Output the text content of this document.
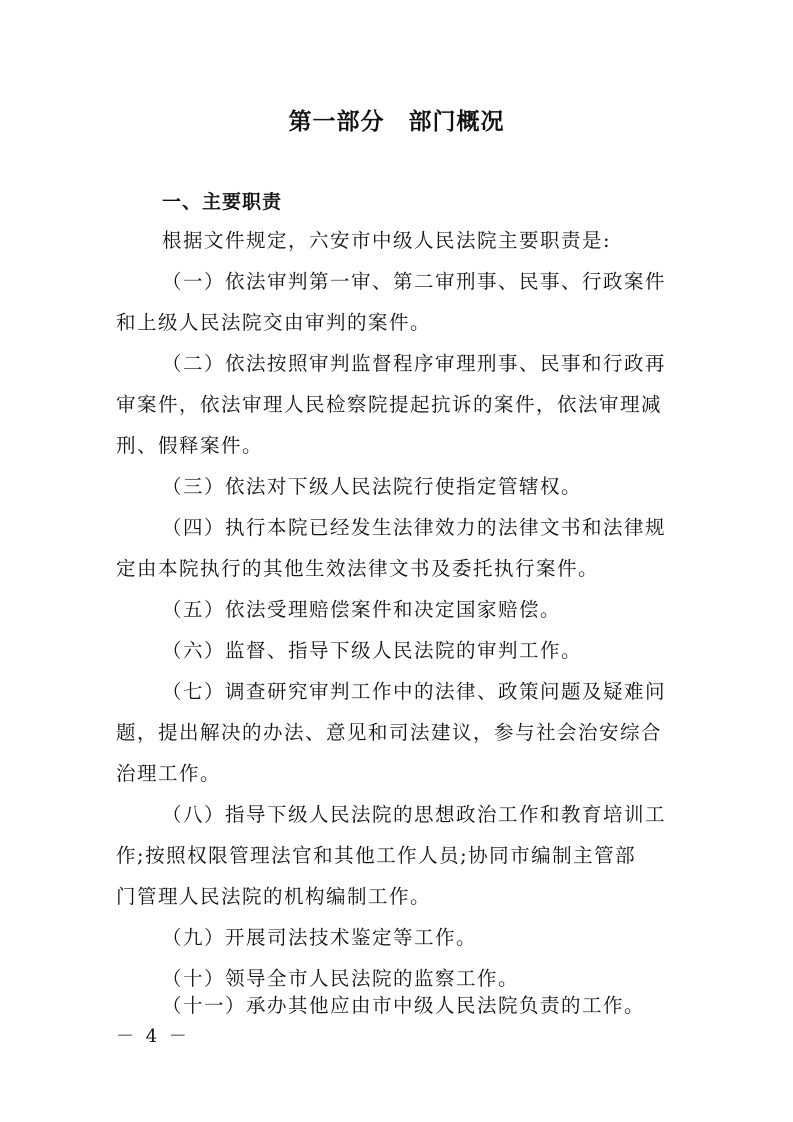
第一部分　部门概况
一、主要职责
根据文件规定，六安市中级人民法院主要职责是:
（一）依法审判第一审、第二审刑事、民事、行政案件
和上级人民法院交由审判的案件。
（二）依法按照审判监督程序审理刑事、民事和行政再
审案件，依法审理人民检察院提起抗诉的案件，依法审理减
刑、假释案件。
（三）依法对下级人民法院行使指定管辖权。
（四）执行本院已经发生法律效力的法律文书和法律规
定由本院执行的其他生效法律文书及委托执行案件。
（五）依法受理赔偿案件和决定国家赔偿。
（六）监督、指导下级人民法院的审判工作。
（七）调查研究审判工作中的法律、政策问题及疑难问
题，提出解决的办法、意见和司法建议，参与社会治安综合
治理工作。
（八）指导下级人民法院的思想政治工作和教育培训工
作;按照权限管理法官和其他工作人员;协同市编制主管部
门管理人民法院的机构编制工作。
（九）开展司法技术鉴定等工作。
（十）领导全市人民法院的监察工作。
（十一）承办其他应由市中级人民法院负责的工作。
－ 4 －
